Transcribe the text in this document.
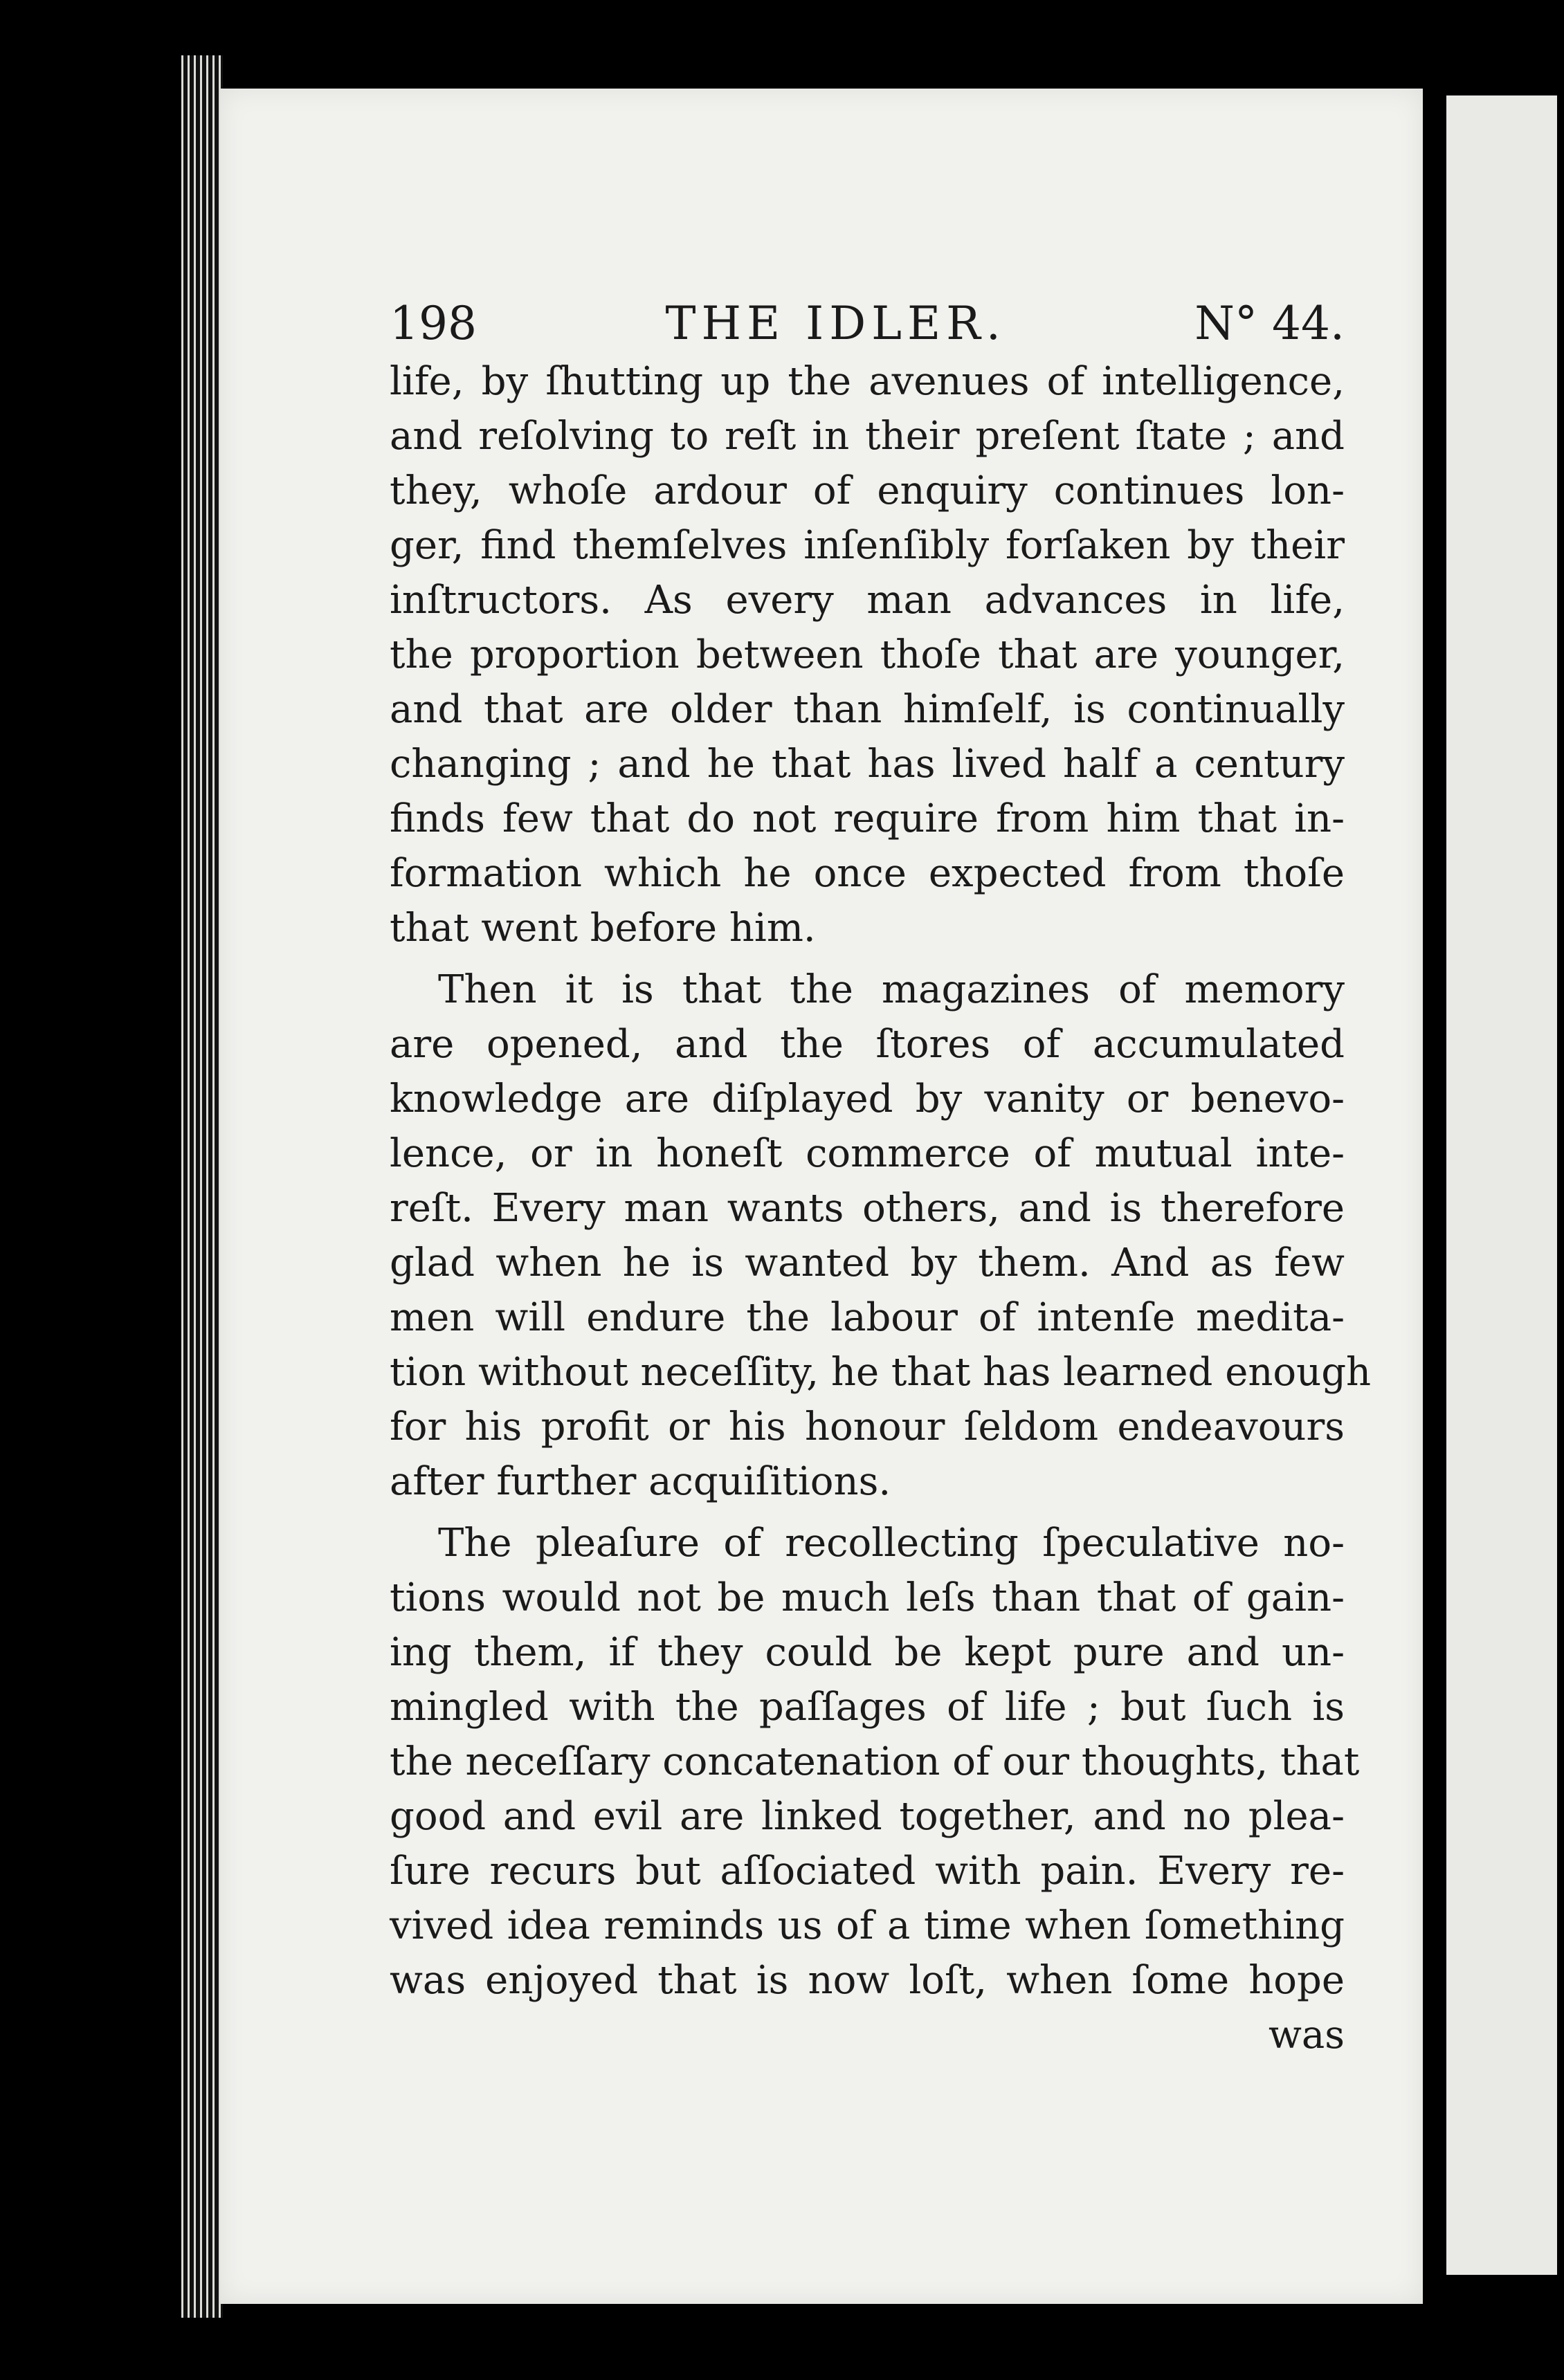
198	THE IDLER.	N° 44.
life, by ſhutting up the avenues of intelligence,
and reſolving to reſt in their preſent ſtate ; and
they, whoſe ardour of enquiry continues lon-
ger, find themſelves inſenſibly forſaken by their
inſtructors. As every man advances in life,
the proportion between thoſe that are younger,
and that are older than himſelf, is continually
changing ; and he that has lived half a century
finds few that do not require from him that in-
formation which he once expected from thoſe
that went before him.
Then it is that the magazines of memory
are opened, and the ſtores of accumulated
knowledge are diſplayed by vanity or benevo-
lence, or in honeſt commerce of mutual inte-
reſt. Every man wants others, and is therefore
glad when he is wanted by them. And as few
men will endure the labour of intenſe medita-
tion without neceſſity, he that has learned enough
for his profit or his honour ſeldom endeavours
after further acquiſitions.
The pleaſure of recollecting ſpeculative no-
tions would not be much leſs than that of gain-
ing them, if they could be kept pure and un-
mingled with the paſſages of life ; but ſuch is
the neceſſary concatenation of our thoughts, that
good and evil are linked together, and no plea-
ſure recurs but aſſociated with pain. Every re-
vived idea reminds us of a time when ſomething
was enjoyed that is now loſt, when ſome hope
was
